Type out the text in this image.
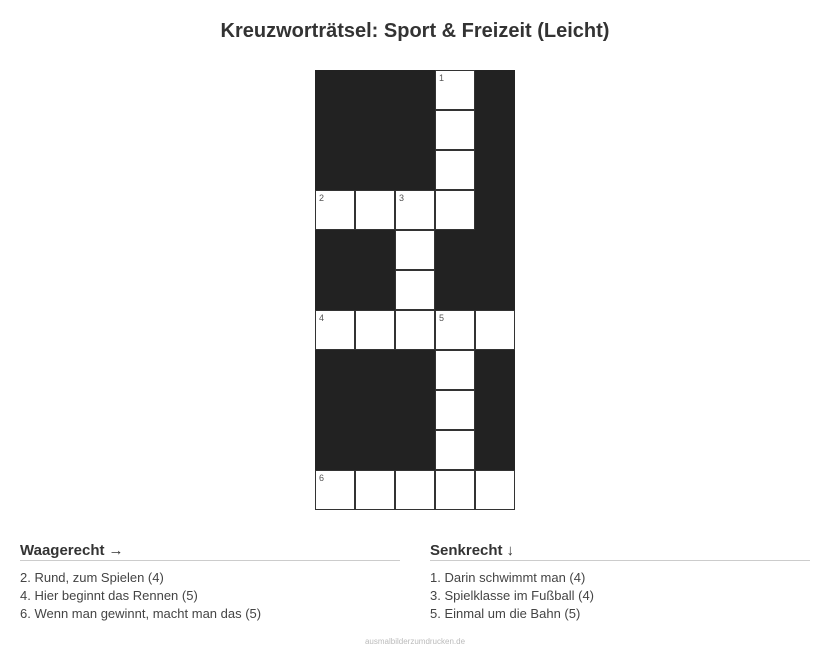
Kreuzworträtsel: Sport & Freizeit (Leicht)
1
2	3
4	5
6
Waagerecht →
2. Rund, zum Spielen (4)
4. Hier beginnt das Rennen (5)
6. Wenn man gewinnt, macht man das (5)
Senkrecht ↓
1. Darin schwimmt man (4)
3. Spielklasse im Fußball (4)
5. Einmal um die Bahn (5)
ausmalbilderzumdrucken.de
